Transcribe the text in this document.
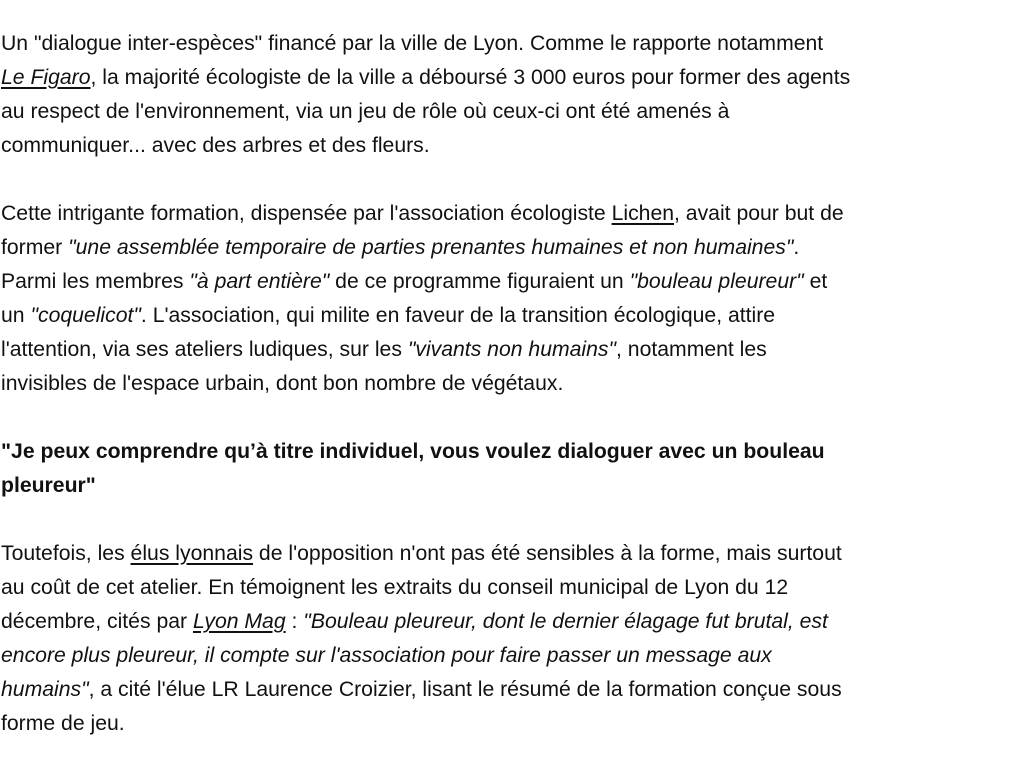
Un "dialogue inter-espèces" financé par la ville de Lyon. Comme le rapporte notamment
Le Figaro, la majorité écologiste de la ville a déboursé 3 000 euros pour former des agents
au respect de l'environnement, via un jeu de rôle où ceux-ci ont été amenés à
communiquer... avec des arbres et des fleurs.

Cette intrigante formation, dispensée par l'association écologiste Lichen, avait pour but de
former "une assemblée temporaire de parties prenantes humaines et non humaines".
Parmi les membres "à part entière" de ce programme figuraient un "bouleau pleureur" et
un "coquelicot". L'association, qui milite en faveur de la transition écologique, attire
l'attention, via ses ateliers ludiques, sur les "vivants non humains", notamment les
invisibles de l'espace urbain, dont bon nombre de végétaux.

"Je peux comprendre qu’à titre individuel, vous voulez dialoguer avec un bouleau
pleureur"

Toutefois, les élus lyonnais de l'opposition n'ont pas été sensibles à la forme, mais surtout
au coût de cet atelier. En témoignent les extraits du conseil municipal de Lyon du 12
décembre, cités par Lyon Mag : "Bouleau pleureur, dont le dernier élagage fut brutal, est
encore plus pleureur, il compte sur l'association pour faire passer un message aux
humains", a cité l'élue LR Laurence Croizier, lisant le résumé de la formation conçue sous
forme de jeu.
